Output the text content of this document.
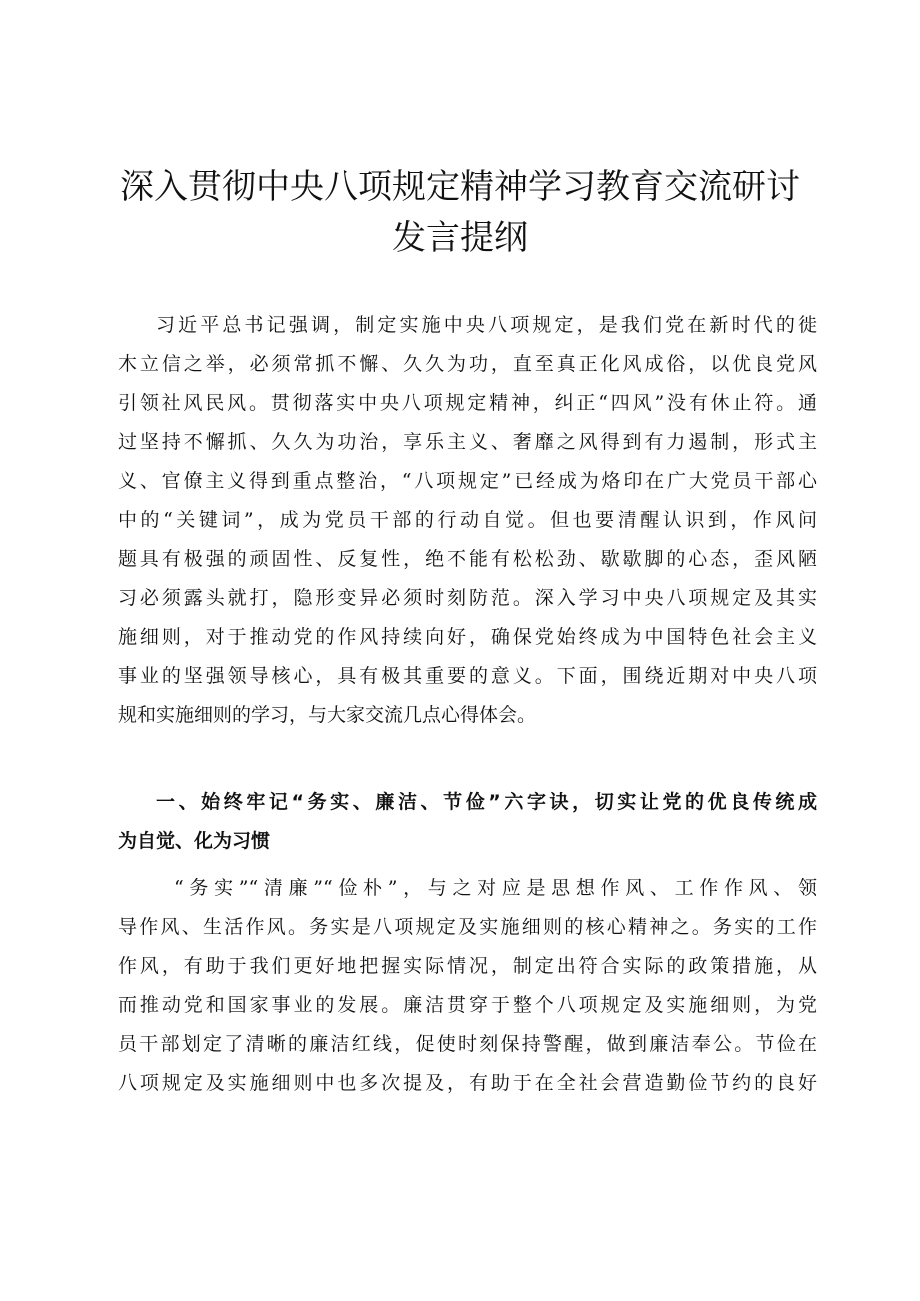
深入贯彻中央八项规定精神学习教育交流研讨
发言提纲
习近平总书记强调，制定实施中央八项规定，是我们党在新时代的徙
木立信之举，必须常抓不懈、久久为功，直至真正化风成俗，以优良党风
引领社风民风。贯彻落实中央八项规定精神，纠正“四风”没有休止符。通
过坚持不懈抓、久久为功治，享乐主义、奢靡之风得到有力遏制，形式主
义、官僚主义得到重点整治，“八项规定”已经成为烙印在广大党员干部心
中的“关键词”，成为党员干部的行动自觉。但也要清醒认识到，作风问
题具有极强的顽固性、反复性，绝不能有松松劲、歇歇脚的心态，歪风陋
习必须露头就打，隐形变异必须时刻防范。深入学习中央八项规定及其实
施细则，对于推动党的作风持续向好，确保党始终成为中国特色社会主义
事业的坚强领导核心，具有极其重要的意义。下面，围绕近期对中央八项
规和实施细则的学习，与大家交流几点心得体会。
一、始终牢记“务实、廉洁、节俭”六字诀，切实让党的优良传统成
为自觉、化为习惯
“务实”“清廉”“俭朴”，与之对应是思想作风、工作作风、领
导作风、生活作风。务实是八项规定及实施细则的核心精神之。务实的工作
作风，有助于我们更好地把握实际情况，制定出符合实际的政策措施，从
而推动党和国家事业的发展。廉洁贯穿于整个八项规定及实施细则，为党
员干部划定了清晰的廉洁红线，促使时刻保持警醒，做到廉洁奉公。节俭在
八项规定及实施细则中也多次提及，有助于在全社会营造勤俭节约的良好
